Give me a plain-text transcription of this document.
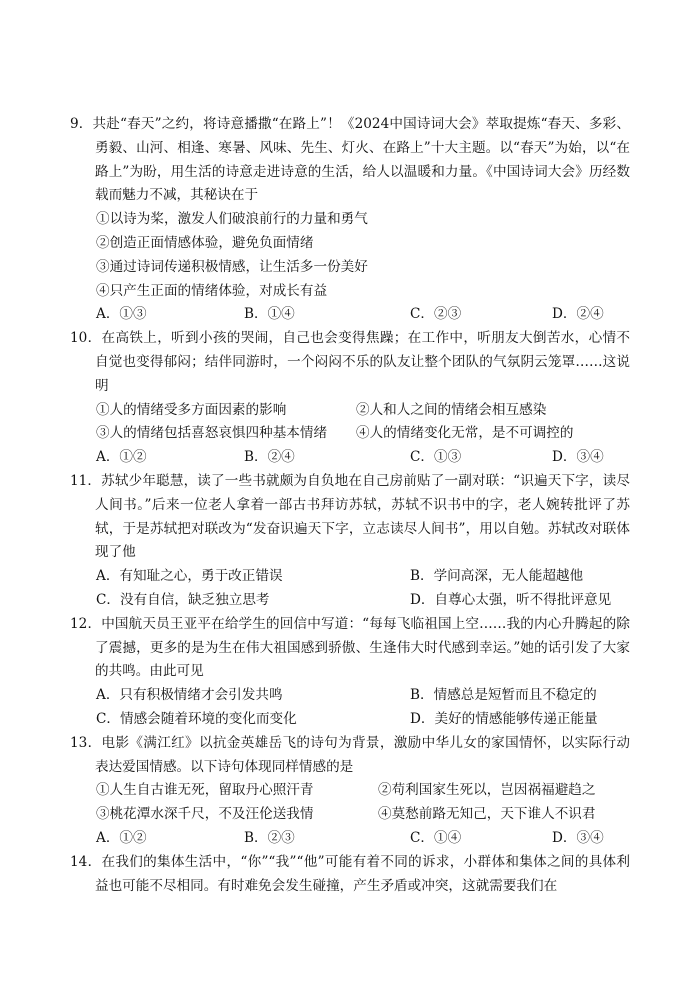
9．共赴“春天”之约，将诗意播撒“在路上”！《2024中国诗词大会》萃取提炼“春天、多彩、勇毅、山河、相逢、寒暑、风味、先生、灯火、在路上”十大主题。以“春天”为始，以“在路上”为盼，用生活的诗意走进诗意的生活，给人以温暖和力量。《中国诗词大会》历经数载而魅力不减，其秘诀在于
①以诗为桨，激发人们破浪前行的力量和勇气
②创造正面情感体验，避免负面情绪
③通过诗词传递积极情感，让生活多一份美好
④只产生正面的情绪体验，对成长有益
A．①③	B．①④	C．②③	D．②④
10．在高铁上，听到小孩的哭闹，自己也会变得焦躁；在工作中，听朋友大倒苦水，心情不自觉也变得郁闷；结伴同游时，一个闷闷不乐的队友让整个团队的气氛阴云笼罩……这说明
①人的情绪受多方面因素的影响	②人和人之间的情绪会相互感染
③人的情绪包括喜怒哀惧四种基本情绪 ④人的情绪变化无常，是不可调控的
A．①②	B．②④	C．①③	D．③④
11．苏轼少年聪慧，读了一些书就颇为自负地在自己房前贴了一副对联：“识遍天下字，读尽人间书。”后来一位老人拿着一部古书拜访苏轼，苏轼不识书中的字，老人婉转批评了苏轼，于是苏轼把对联改为“发奋识遍天下字，立志读尽人间书”，用以自勉。苏轼改对联体现了他
A．有知耻之心，勇于改正错误	B．学问高深，无人能超越他
C．没有自信，缺乏独立思考	D．自尊心太强，听不得批评意见
12．中国航天员王亚平在给学生的回信中写道：“每每飞临祖国上空……我的内心升腾起的除了震撼，更多的是为生在伟大祖国感到骄傲、生逢伟大时代感到幸运。”她的话引发了大家的共鸣。由此可见
A．只有积极情绪才会引发共鸣	B．情感总是短暂而且不稳定的
C．情感会随着环境的变化而变化	D．美好的情感能够传递正能量
13．电影《满江红》以抗金英雄岳飞的诗句为背景，激励中华儿女的家国情怀，以实际行动表达爱国情感。以下诗句体现同样情感的是
①人生自古谁无死，留取丹心照汗青	②苟利国家生死以，岂因祸福避趋之
③桃花潭水深千尺，不及汪伦送我情	④莫愁前路无知己，天下谁人不识君
A．①②	B．②③	C．①④	D．③④
14．在我们的集体生活中，“你”“我”“他”可能有着不同的诉求，小群体和集体之间的具体利益也可能不尽相同。有时难免会发生碰撞，产生矛盾或冲突，这就需要我们在
